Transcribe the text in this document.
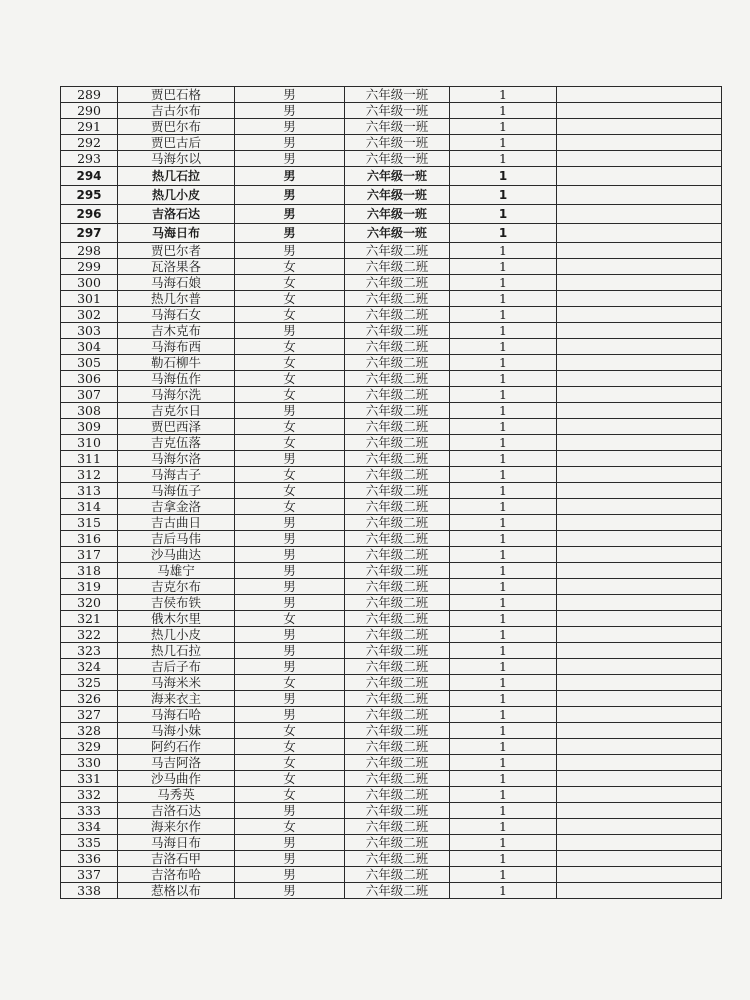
289	贾巴石格	男	六年级一班	1	
290	吉古尔布	男	六年级一班	1	
291	贾巴尔布	男	六年级一班	1	
292	贾巴古后	男	六年级一班	1	
293	马海尔以	男	六年级一班	1	
294	热几石拉	男	六年级一班	1	
295	热几小皮	男	六年级一班	1	
296	吉洛石达	男	六年级一班	1	
297	马海日布	男	六年级一班	1	
298	贾巴尔者	男	六年级二班	1	
299	瓦洛果各	女	六年级二班	1	
300	马海石娘	女	六年级二班	1	
301	热几尔普	女	六年级二班	1	
302	马海石女	女	六年级二班	1	
303	吉木克布	男	六年级二班	1	
304	马海布西	女	六年级二班	1	
305	勒石柳牛	女	六年级二班	1	
306	马海伍作	女	六年级二班	1	
307	马海尔洗	女	六年级二班	1	
308	吉克尔日	男	六年级二班	1	
309	贾巴西泽	女	六年级二班	1	
310	吉克伍落	女	六年级二班	1	
311	马海尔洛	男	六年级二班	1	
312	马海古子	女	六年级二班	1	
313	马海伍子	女	六年级二班	1	
314	吉拿金洛	女	六年级二班	1	
315	吉古曲日	男	六年级二班	1	
316	吉后马伟	男	六年级二班	1	
317	沙马曲达	男	六年级二班	1	
318	马雄宁	男	六年级二班	1	
319	吉克尔布	男	六年级二班	1	
320	吉侯布铁	男	六年级二班	1	
321	俄木尔里	女	六年级二班	1	
322	热几小皮	男	六年级二班	1	
323	热几石拉	男	六年级二班	1	
324	吉后子布	男	六年级二班	1	
325	马海米米	女	六年级二班	1	
326	海来衣主	男	六年级二班	1	
327	马海石哈	男	六年级二班	1	
328	马海小妹	女	六年级二班	1	
329	阿约石作	女	六年级二班	1	
330	马吉阿洛	女	六年级二班	1	
331	沙马曲作	女	六年级二班	1	
332	马秀英	女	六年级二班	1	
333	吉洛石达	男	六年级二班	1	
334	海来尔作	女	六年级二班	1	
335	马海日布	男	六年级二班	1	
336	吉洛石甲	男	六年级二班	1	
337	吉洛布哈	男	六年级二班	1	
338	惹格以布	男	六年级二班	1	
